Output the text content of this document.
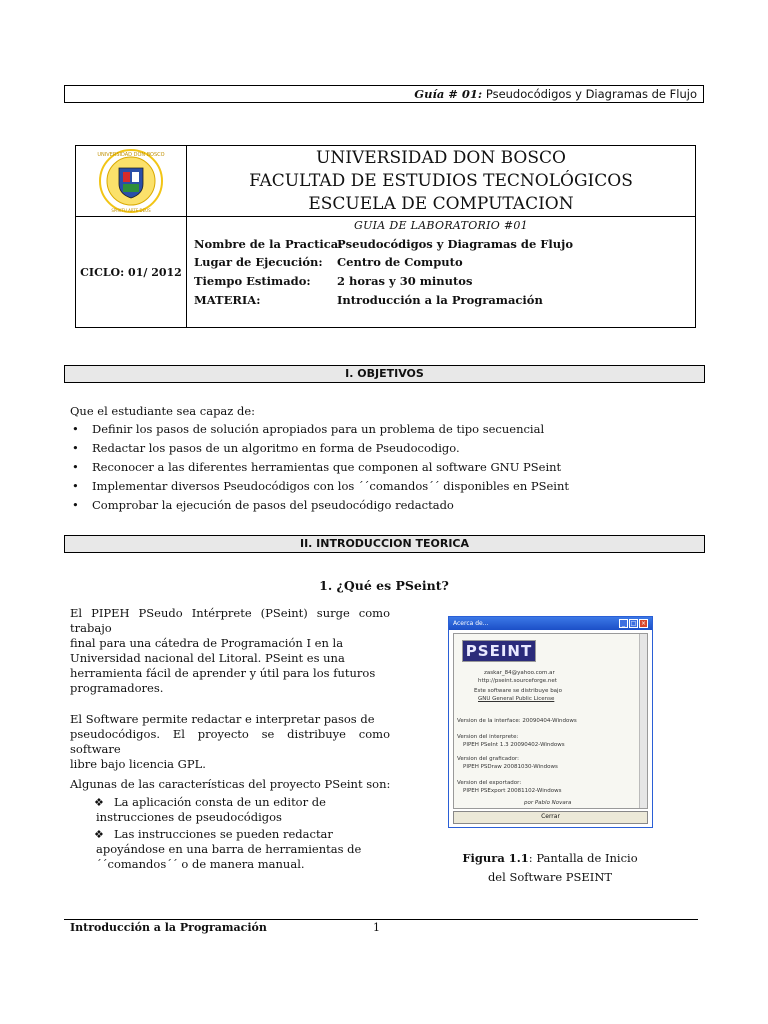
Guía # 01: Pseudocódigos y Diagramas de Flujo
UNIVERSIDAD DON BOSCO
SPIRITU ARTE DEUS
UNIVERSIDAD DON BOSCO
FACULTAD DE ESTUDIOS TECNOLÓGICOS
ESCUELA DE COMPUTACION
CICLO: 01/ 2012
GUIA DE LABORATORIO #01
Nombre de la Practica:
Pseudocódigos y Diagramas de Flujo
Lugar de Ejecución:	Centro de Computo
Tiempo Estimado:	2 horas y 30 minutos
MATERIA:	Introducción a la Programación
I. OBJETIVOS
Que el estudiante sea capaz de:
• Definir los pasos de solución apropiados para un problema de tipo secuencial
• Redactar los pasos de un algoritmo en forma de Pseudocodigo.
• Reconocer a las diferentes herramientas que componen al software GNU PSeint
• Implementar diversos Pseudocódigos con los ´´comandos´´ disponibles en PSeint
• Comprobar la ejecución de pasos del pseudocódigo redactado
II. INTRODUCCION TEORICA
1. ¿Qué es PSeint?
El PIPEH PSeudo Intérprete (PSeint) surge como trabajo
final para una cátedra de Programación I en la
Universidad nacional del Litoral. PSeint es una
herramienta fácil de aprender y útil para los futuros
programadores.
El Software permite redactar e interpretar pasos de
pseudocódigos. El proyecto se distribuye como software
libre bajo licencia GPL.
Algunas de las características del proyecto PSeint son:
❖ La aplicación consta de un editor de
instrucciones de pseudocódigos
❖ Las instrucciones se pueden redactar
apoyándose en una barra de herramientas de
´´comandos´´ o de manera manual.
Acerca de...	_ □ ×
PSEINT
zaskar_84@yahoo.com.ar
http://pseint.sourceforge.net
Este software se distribuye bajo
GNU General Public License
Version de la interface: 20090404-Windows
Version del interprete:
PIPEH PSeInt 1.3 20090402-Windows
Version del graficador:
PIPEH PSDraw 20081030-Windows
Version del exportador:
PIPEH PSExport 20081102-Windows
por Pablo Novara
Cerrar
Figura 1.1: Pantalla de Inicio
del Software PSEINT
Introducción a la Programación	1
